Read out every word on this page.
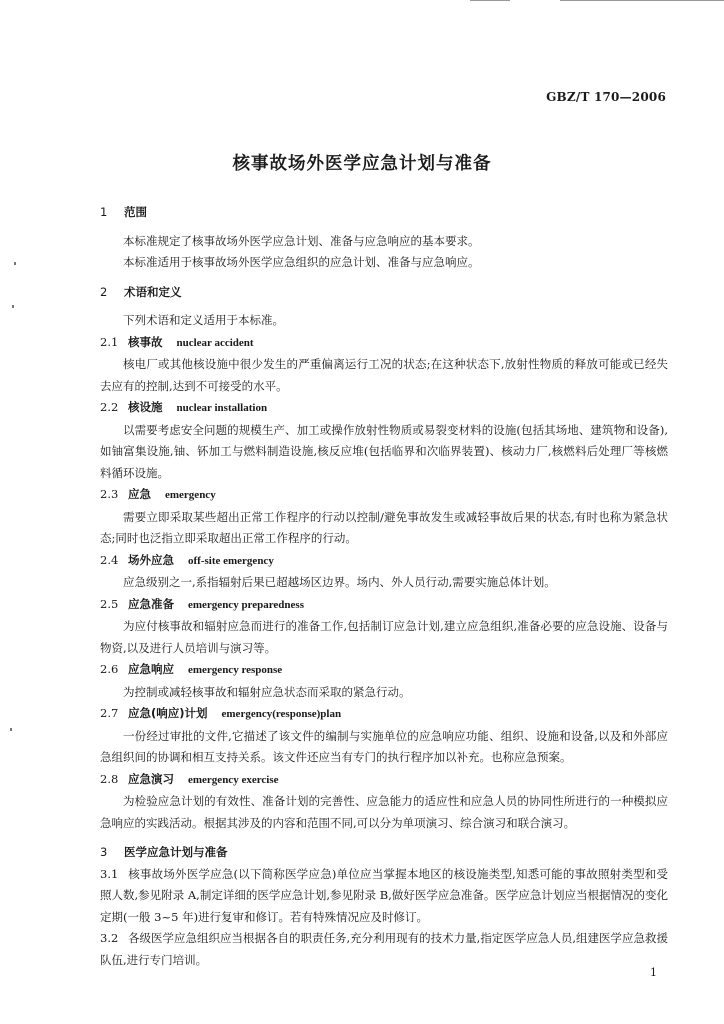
GBZ/T 170—2006
核事故场外医学应急计划与准备

1 范围

本标准规定了核事故场外医学应急计划、准备与应急响应的基本要求。

本标准适用于核事故场外医学应急组织的应急计划、准备与应急响应。

2 术语和定义

下列术语和定义适用于本标准。

2.1 核事故 nuclear accident

核电厂或其他核设施中很少发生的严重偏离运行工况的状态;在这种状态下,放射性物质的释放可能或已经失去应有的控制,达到不可接受的水平。

2.2 核设施 nuclear installation

以需要考虑安全问题的规模生产、加工或操作放射性物质或易裂变材料的设施(包括其场地、建筑物和设备),如铀富集设施,铀、钚加工与燃料制造设施,核反应堆(包括临界和次临界装置)、核动力厂,核燃料后处理厂等核燃料循环设施。

2.3 应急 emergency

需要立即采取某些超出正常工作程序的行动以控制/避免事故发生或减轻事故后果的状态,有时也称为紧急状态;同时也泛指立即采取超出正常工作程序的行动。

2.4 场外应急 off-site emergency

应急级别之一,系指辐射后果已超越场区边界。场内、外人员行动,需要实施总体计划。

2.5 应急准备 emergency preparedness

为应付核事故和辐射应急而进行的准备工作,包括制订应急计划,建立应急组织,准备必要的应急设施、设备与物资,以及进行人员培训与演习等。

2.6 应急响应 emergency response

为控制或减轻核事故和辐射应急状态而采取的紧急行动。

2.7 应急(响应)计划 emergency(response)plan

一份经过审批的文件,它描述了该文件的编制与实施单位的应急响应功能、组织、设施和设备,以及和外部应急组织间的协调和相互支持关系。该文件还应当有专门的执行程序加以补充。也称应急预案。

2.8 应急演习 emergency exercise

为检验应急计划的有效性、准备计划的完善性、应急能力的适应性和应急人员的协同性所进行的一种模拟应急响应的实践活动。根据其涉及的内容和范围不同,可以分为单项演习、综合演习和联合演习。

3 医学应急计划与准备

3.1 核事故场外医学应急(以下简称医学应急)单位应当掌握本地区的核设施类型,知悉可能的事故照射类型和受照人数,参见附录 A,制定详细的医学应急计划,参见附录 B,做好医学应急准备。医学应急计划应当根据情况的变化定期(一般 3~5 年)进行复审和修订。若有特殊情况应及时修订。

3.2 各级医学应急组织应当根据各自的职责任务,充分利用现有的技术力量,指定医学应急人员,组建医学应急救援队伍,进行专门培训。

1
